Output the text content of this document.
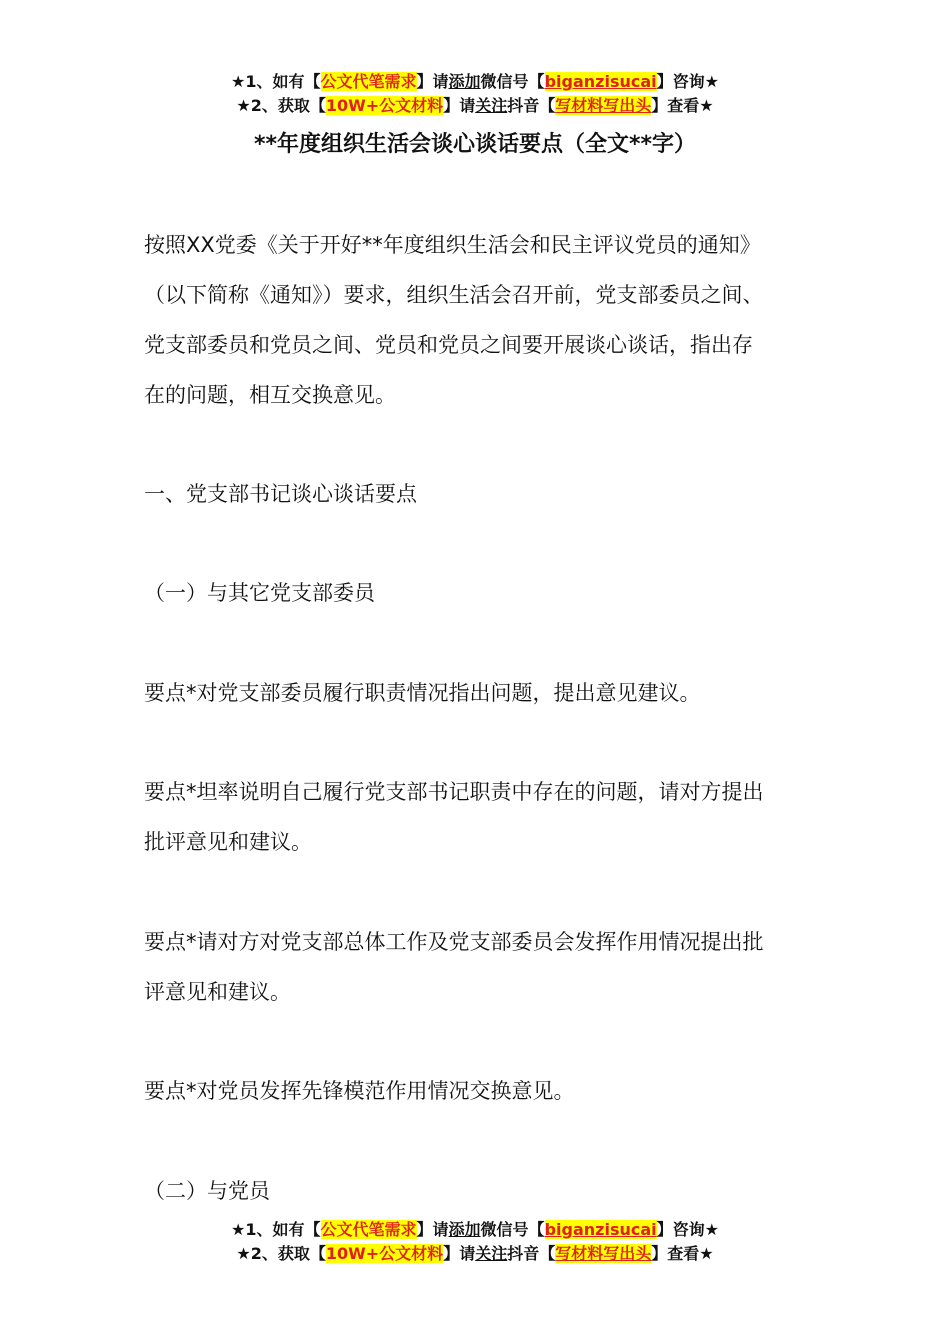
★1、如有【公文代笔需求】请添加微信号【biganzisucai】咨询★
★2、获取【10W+公文材料】请关注抖音【写材料写出头】查看★
**年度组织生活会谈心谈话要点（全文**字）
按照XX党委《关于开好**年度组织生活会和民主评议党员的通知》
（以下简称《通知》）要求，组织生活会召开前，党支部委员之间、
党支部委员和党员之间、党员和党员之间要开展谈心谈话，指出存
在的问题，相互交换意见。
一、党支部书记谈心谈话要点
（一）与其它党支部委员
要点*对党支部委员履行职责情况指出问题，提出意见建议。
要点*坦率说明自己履行党支部书记职责中存在的问题，请对方提出
批评意见和建议。
要点*请对方对党支部总体工作及党支部委员会发挥作用情况提出批
评意见和建议。
要点*对党员发挥先锋模范作用情况交换意见。
（二）与党员
★1、如有【公文代笔需求】请添加微信号【biganzisucai】咨询★
★2、获取【10W+公文材料】请关注抖音【写材料写出头】查看★
